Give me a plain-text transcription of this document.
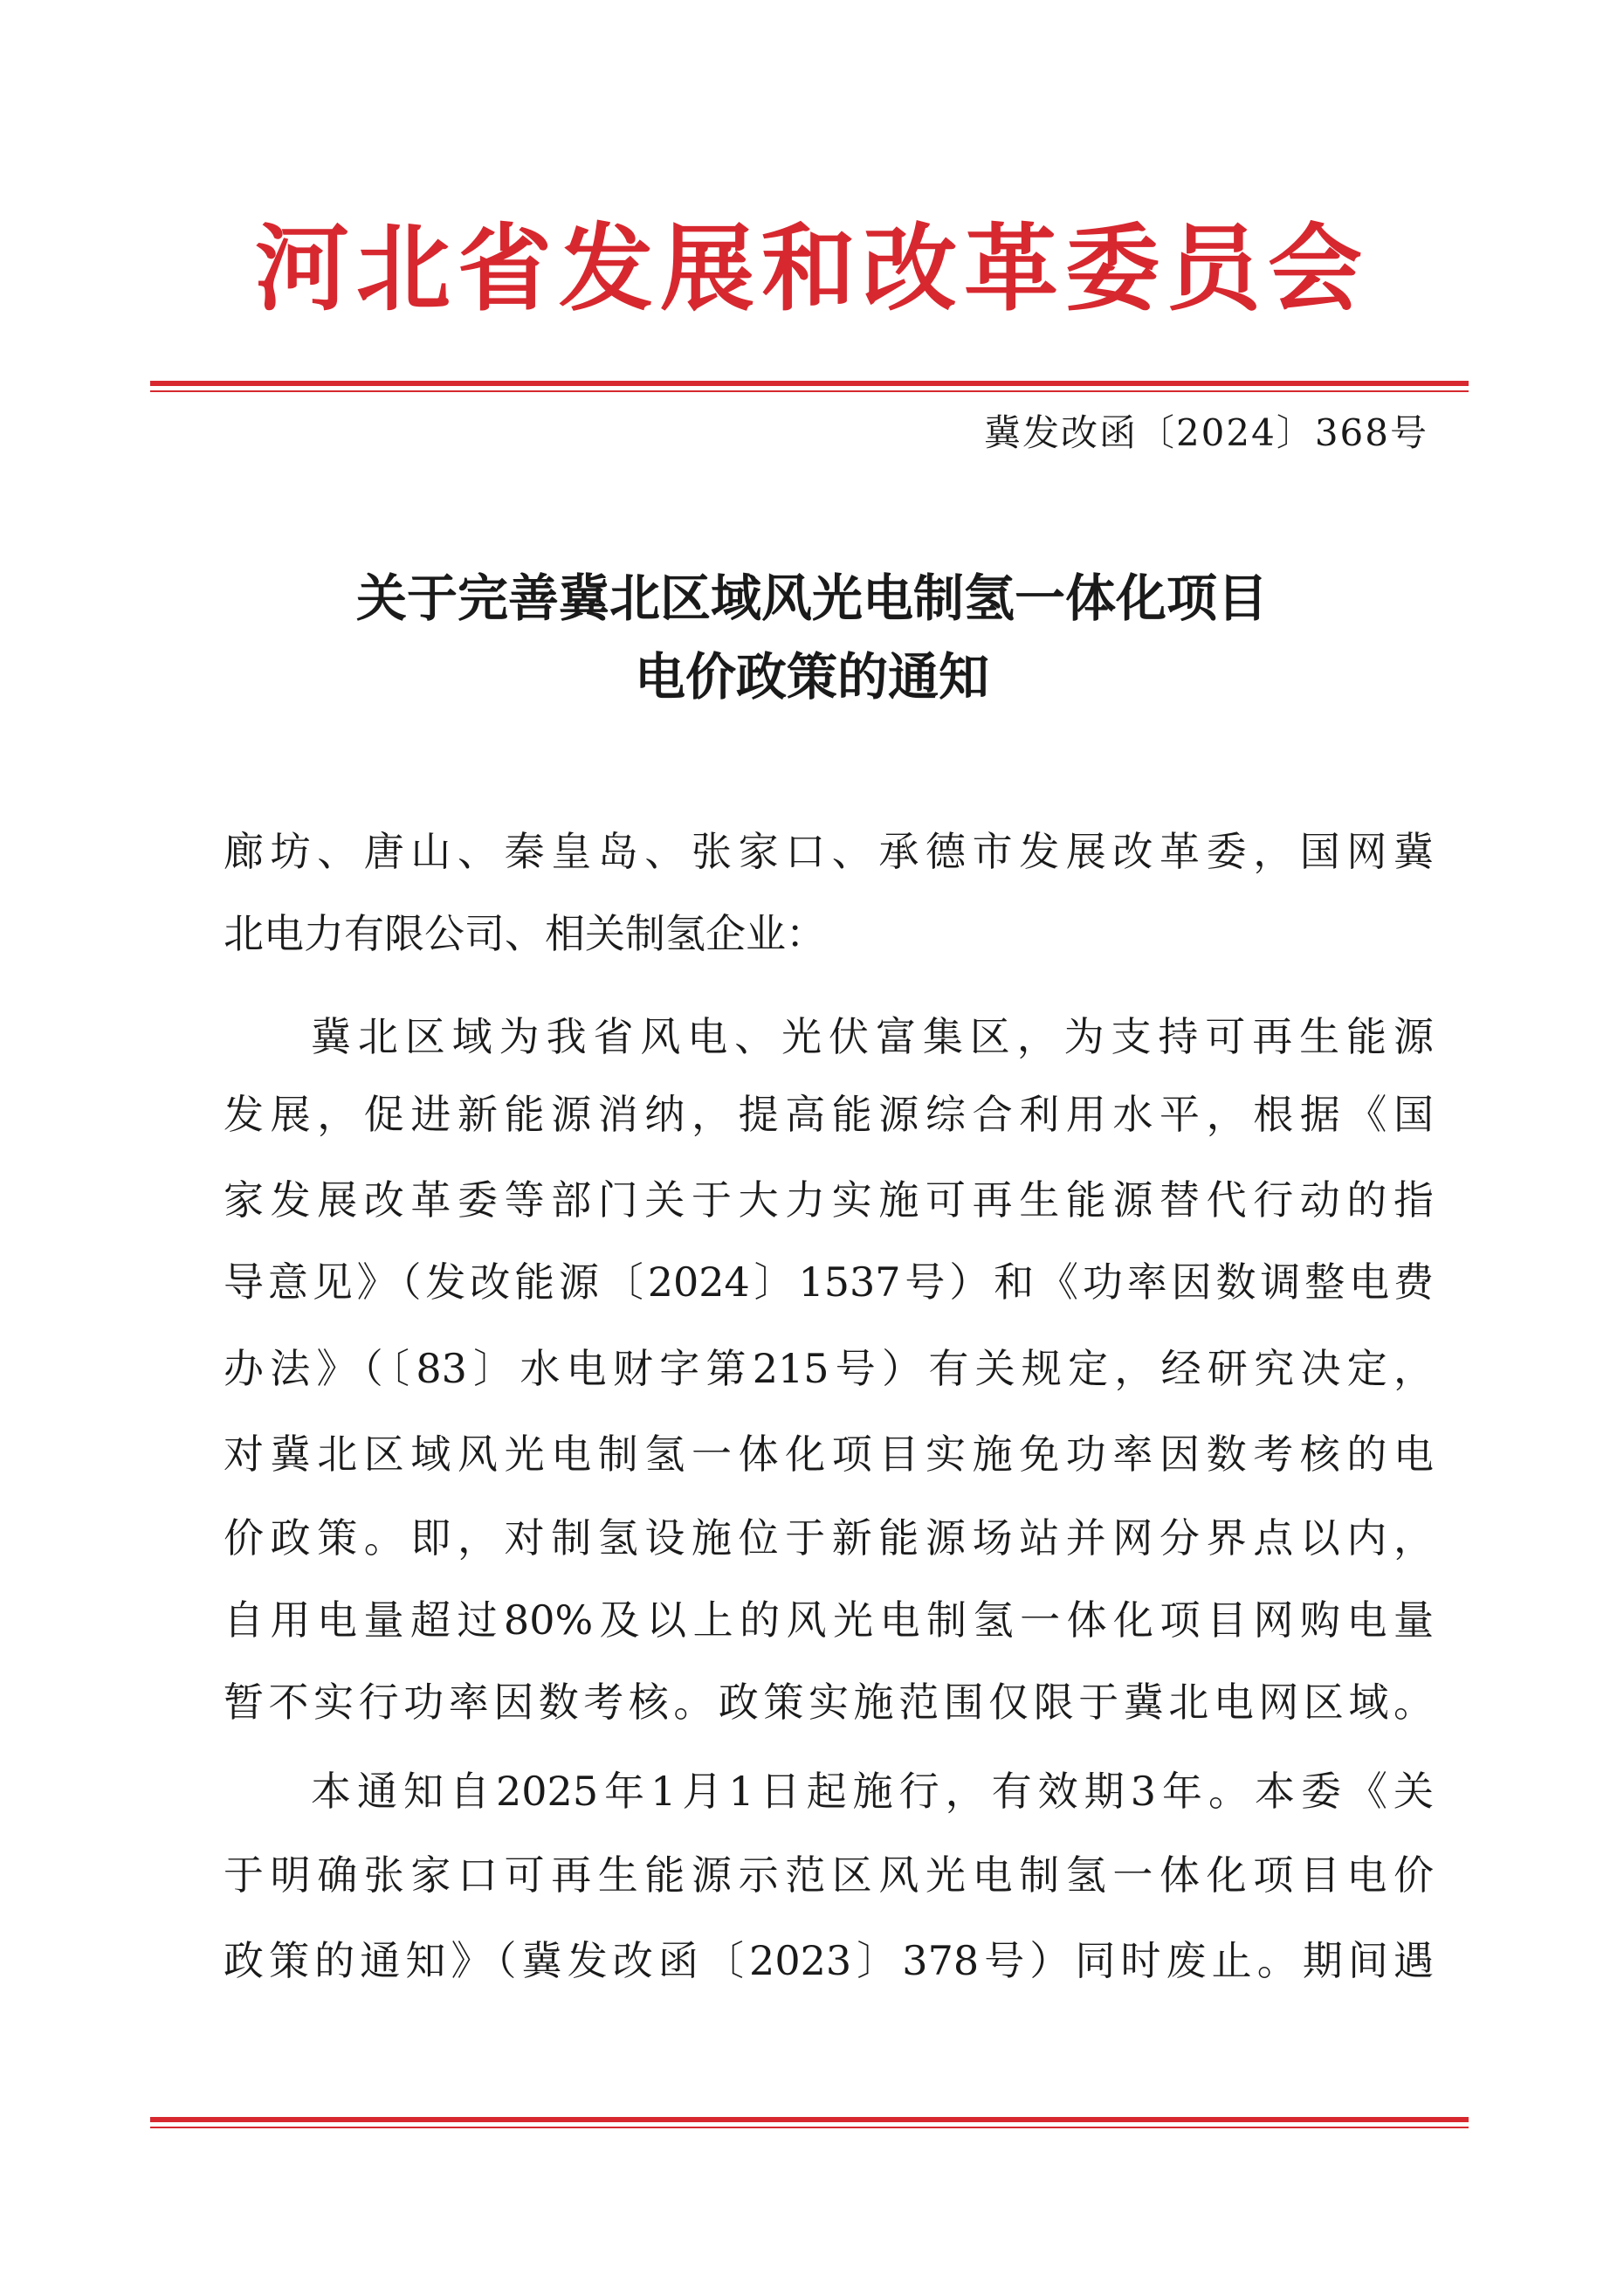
河北省发展和改革委员会
冀发改函〔2024〕368号
关于完善冀北区域风光电制氢一体化项目
电价政策的通知
廊坊、唐山、秦皇岛、张家口、承德市发展改革委，国网冀
北电力有限公司、相关制氢企业：
冀北区域为我省风电、光伏富集区，为支持可再生能源
发展，促进新能源消纳，提高能源综合利用水平，根据《国
家发展改革委等部门关于大力实施可再生能源替代行动的指
导意见》（发改能源〔2024〕1537号）和《功率因数调整电费
办法》（〔83〕水电财字第215号）有关规定，经研究决定，
对冀北区域风光电制氢一体化项目实施免功率因数考核的电
价政策。即，对制氢设施位于新能源场站并网分界点以内，
自用电量超过80%及以上的风光电制氢一体化项目网购电量
暂不实行功率因数考核。政策实施范围仅限于冀北电网区域。
本通知自2025年1月1日起施行，有效期3年。本委《关
于明确张家口可再生能源示范区风光电制氢一体化项目电价
政策的通知》（冀发改函〔2023〕378号）同时废止。期间遇
